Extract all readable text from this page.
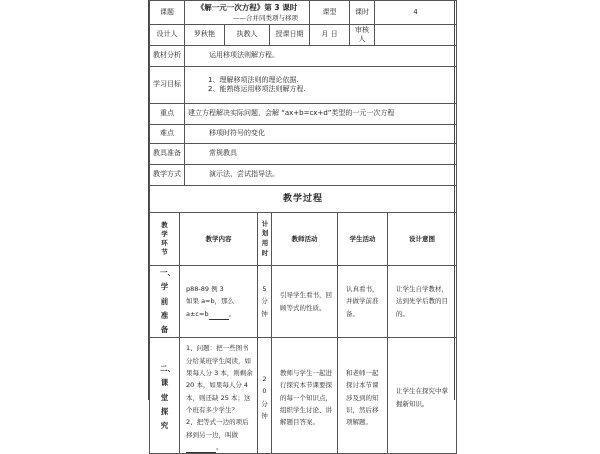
课题	《解一元一次方程》第 3 课时
——合并同类项与移项			课型	课时	4
设计人	罗秋艳	执教人	授课日期	月 日	审核人	
教材分析	运用移项法则解方程。					
学习目标	1、理解移项法则的理论依据.
2、能熟练运用移项法则解方程.					

重点	建立方程解决实际问题，会解 “ax+b=cx+d”类型的一元一次方程					
难点	移项时符号的变化					
教具准备	常规教具					
教学方式	演示法、尝试指导法。					
教学过程					

教学环节	教学内容	计划用时	教师活动	学生活动	设计意图

一、学前准备	p88-89 例 3
如果 a=b，那么 a±c=b 。	5分钟	引导学生看书，回顾等式的性质。	认真看书，并做学前准备。	让学生自学教材，达到先学后教的目的。

二、课堂探究	1、问题：把一些图书分给某班学生阅读，如果每人分 3 本，则剩余 20 本，如果每人分 4 本，则还缺 25 本；这个班有多少学生？
2、把等式一边的项后移到另一边，叫做。	20分钟	教师与学生一起进行探究本节课要探的每一个知识点，组织学生讨论、讲解题目答案。	和老师一起探讨本节课涉及到的知识，然后移项解题。	让学生在探究中掌握新知识。
